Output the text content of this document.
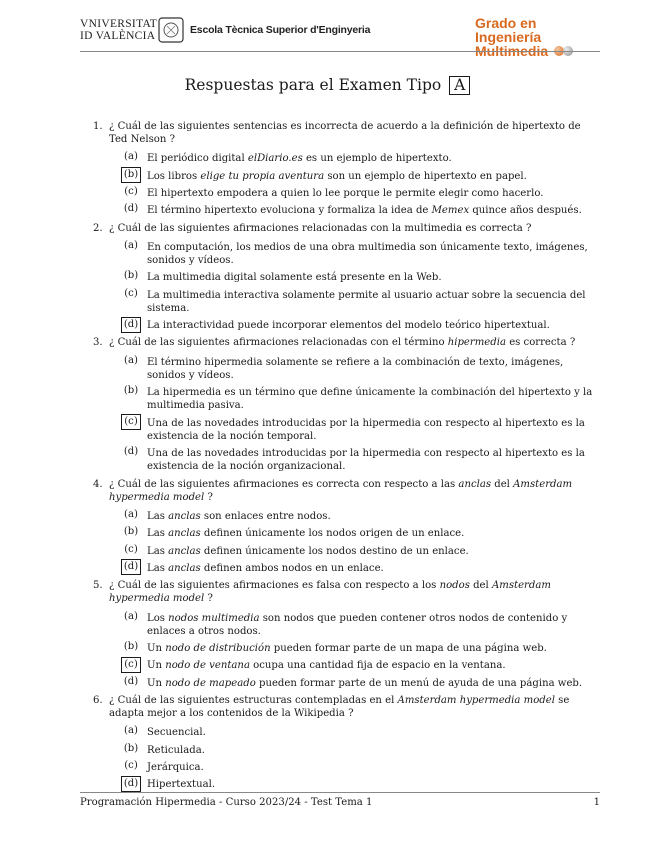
VNIVERSITAT
ID VALÈNCIA	Escola Tècnica Superior d'Enginyeria	Grado en Ingeniería
Multimedia
Respuestas para el Examen Tipo A
1. ¿ Cuál de las siguientes sentencias es incorrecta de acuerdo a la definición de hipertexto de Ted Nelson ?
(a) El periódico digital elDiario.es es un ejemplo de hipertexto.
(b) Los libros elige tu propia aventura son un ejemplo de hipertexto en papel.
(c) El hipertexto empodera a quien lo lee porque le permite elegir como hacerlo.
(d) El término hipertexto evoluciona y formaliza la idea de Memex quince años después.
2. ¿ Cuál de las siguientes afirmaciones relacionadas con la multimedia es correcta ?
(a) En computación, los medios de una obra multimedia son únicamente texto, imágenes, sonidos y vídeos.
(b) La multimedia digital solamente está presente en la Web.
(c) La multimedia interactiva solamente permite al usuario actuar sobre la secuencia del sistema.
(d) La interactividad puede incorporar elementos del modelo teórico hipertextual.
3. ¿ Cuál de las siguientes afirmaciones relacionadas con el término hipermedia es correcta ?
(a) El término hipermedia solamente se refiere a la combinación de texto, imágenes, sonidos y vídeos.
(b) La hipermedia es un término que define únicamente la combinación del hipertexto y la multimedia pasiva.
(c) Una de las novedades introducidas por la hipermedia con respecto al hipertexto es la existencia de la noción temporal.
(d) Una de las novedades introducidas por la hipermedia con respecto al hipertexto es la existencia de la noción organizacional.
4. ¿ Cuál de las siguientes afirmaciones es correcta con respecto a las anclas del Amsterdam hypermedia model ?
(a) Las anclas son enlaces entre nodos.
(b) Las anclas definen únicamente los nodos origen de un enlace.
(c) Las anclas definen únicamente los nodos destino de un enlace.
(d) Las anclas definen ambos nodos en un enlace.
5. ¿ Cuál de las siguientes afirmaciones es falsa con respecto a los nodos del Amsterdam hypermedia model ?
(a) Los nodos multimedia son nodos que pueden contener otros nodos de contenido y enlaces a otros nodos.
(b) Un nodo de distribución pueden formar parte de un mapa de una página web.
(c) Un nodo de ventana ocupa una cantidad fija de espacio en la ventana.
(d) Un nodo de mapeado pueden formar parte de un menú de ayuda de una página web.
6. ¿ Cuál de las siguientes estructuras contempladas en el Amsterdam hypermedia model se adapta mejor a los contenidos de la Wikipedia ?
(a) Secuencial.
(b) Reticulada.
(c) Jerárquica.
(d) Hipertextual.
Programación Hipermedia - Curso 2023/24 - Test Tema 1	1
